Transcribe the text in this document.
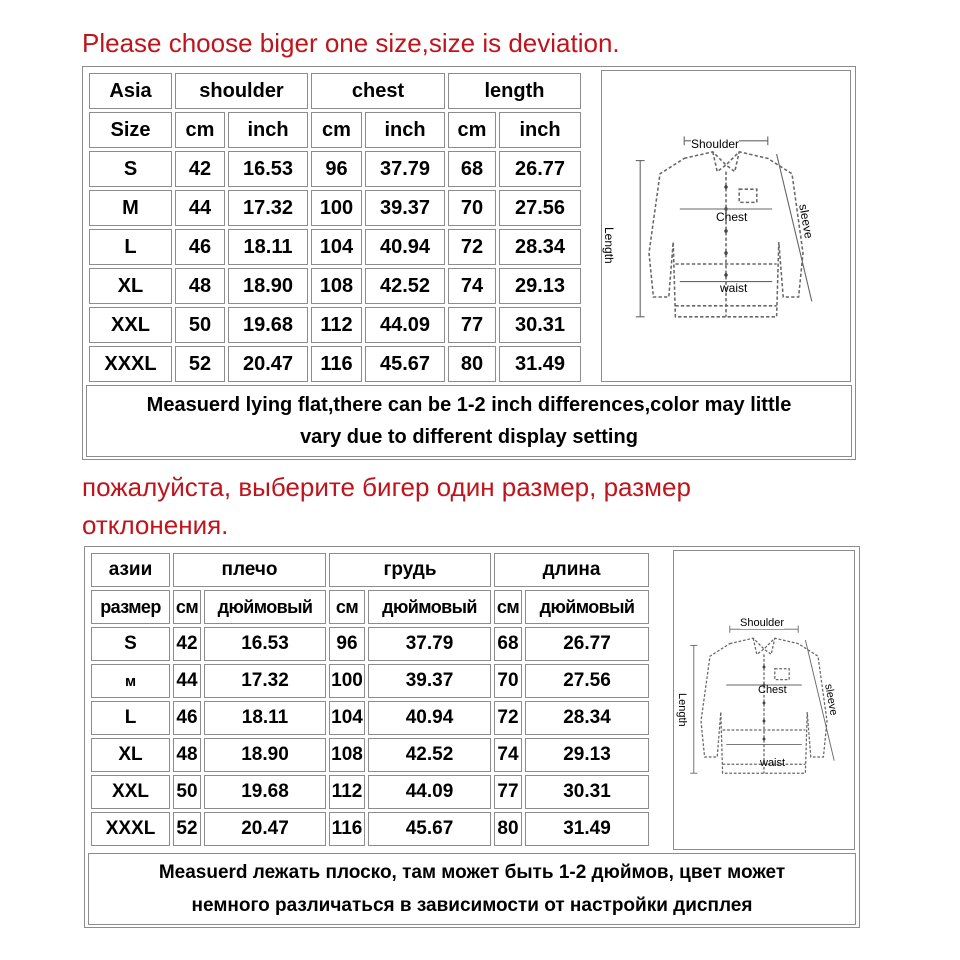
Please choose biger one size,size is deviation.
Asia	shoulder		chest		length	
Size	cm	inch	cm	inch	cm	inch
S	42	16.53	96	37.79	68	26.77
M	44	17.32	100	39.37	70	27.56
L	46	18.11	104	40.94	72	28.34
XL	48	18.90	108	42.52	74	29.13
XXL	50	19.68	112	44.09	77	30.31
XXXL	52	20.47	116	45.67	80	31.49
Shoulder
Chest
Length
sleeve
waist
Measuerd lying flat,there can be 1-2 inch differences,color may little
vary due to different display setting
пожалуйста, выберите бигер один размер, размер
отклонения.
азии	плечо		грудь		длина	
размер	см	дюймовый	см	дюймовый	см	дюймовый
S	42	16.53	96	37.79	68	26.77
м	44	17.32	100	39.37	70	27.56
L	46	18.11	104	40.94	72	28.34
XL	48	18.90	108	42.52	74	29.13
XXL	50	19.68	112	44.09	77	30.31
XXXL	52	20.47	116	45.67	80	31.49
Shoulder
Chest
Length	sleeve
waist
Measuerd лежать плоско, там может быть 1-2 дюймов, цвет может
немного различаться в зависимости от настройки дисплея
